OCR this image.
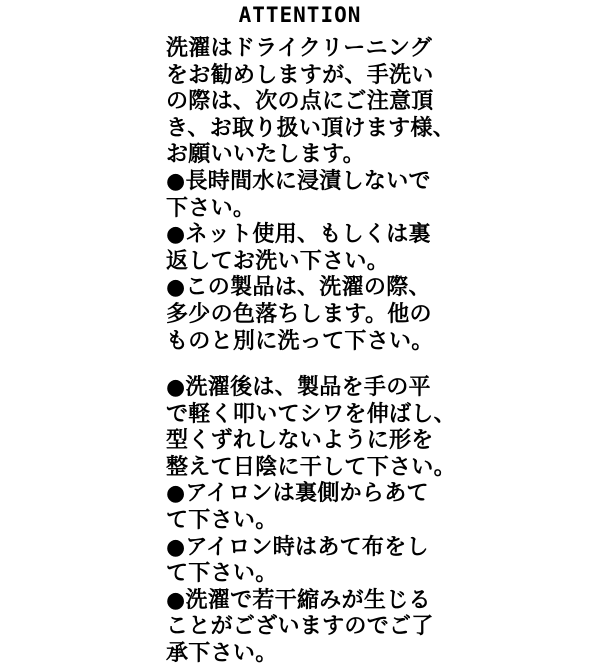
ATTENTION
洗濯はドライクリーニング
をお勧めしますが、手洗い
の際は、次の点にご注意頂
き、お取り扱い頂けます様、
お願いいたします。
●長時間水に浸漬しないで
下さい。
●ネット使用、もしくは裏
返してお洗い下さい。
●この製品は、洗濯の際、
多少の色落ちします。他の
ものと別に洗って下さい。
●洗濯後は、製品を手の平
で軽く叩いてシワを伸ばし、
型くずれしないように形を
整えて日陰に干して下さい。
●アイロンは裏側からあて
て下さい。
●アイロン時はあて布をし
て下さい。
●洗濯で若干縮みが生じる
ことがございますのでご了
承下さい。
